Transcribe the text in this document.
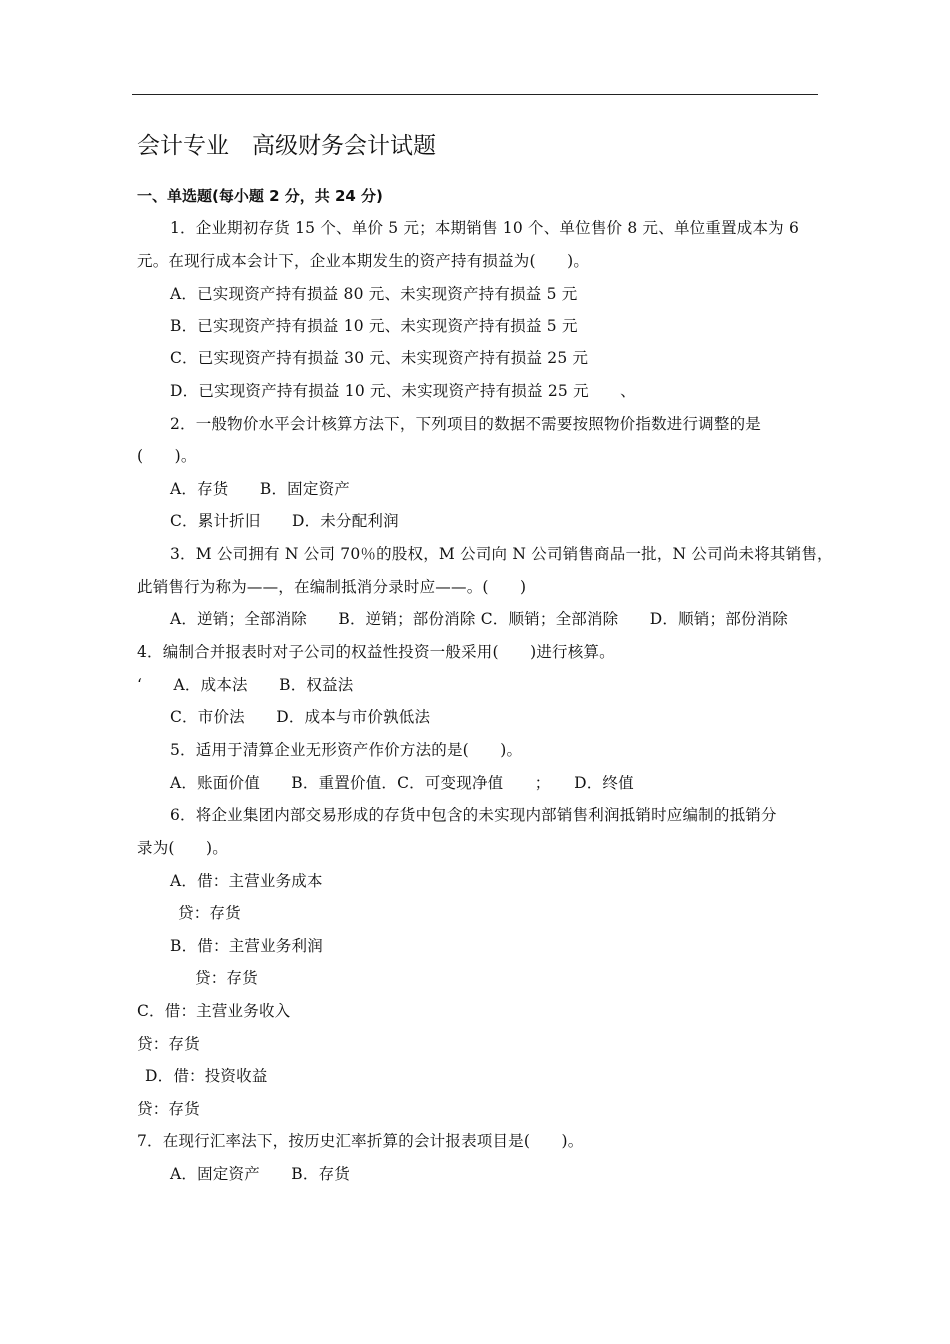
会计专业　高级财务会计试题
一、单选题(每小题 2 分，共 24 分)
1．企业期初存货 15 个、单价 5 元；本期销售 10 个、单位售价 8 元、单位重置成本为 6
元。在现行成本会计下，企业本期发生的资产持有损益为(　　)。
A．已实现资产持有损益 80 元、未实现资产持有损益 5 元
B．已实现资产持有损益 10 元、未实现资产持有损益 5 元
C．已实现资产持有损益 30 元、未实现资产持有损益 25 元
D．已实现资产持有损益 10 元、未实现资产持有损益 25 元　　、
2．一般物价水平会计核算方法下，下列项目的数据不需要按照物价指数进行调整的是
(　　)。
A．存货　　B．固定资产
C．累计折旧　　D．未分配利润
3．M 公司拥有 N 公司 70％的股权，M 公司向 N 公司销售商品一批，N 公司尚未将其销售，
此销售行为称为——，在编制抵消分录时应——。(　　)
A．逆销；全部消除　　B．逆销；部份消除 C．顺销；全部消除　　D．顺销；部份消除
4．编制合并报表时对子公司的权益性投资一般采用(　　)进行核算。
‘　　A．成本法　　B．权益法
C．市价法　　D．成本与市价孰低法
5．适用于清算企业无形资产作价方法的是(　　)。
A．账面价值　　B．重置价值．C．可变现净值　　；　　D．终值
6．将企业集团内部交易形成的存货中包含的未实现内部销售利润抵销时应编制的抵销分
录为(　　)。
A．借：主营业务成本
贷：存货
B．借：主营业务利润
贷：存货
C．借：主营业务收入
贷：存货
D．借：投资收益
贷：存货
7．在现行汇率法下，按历史汇率折算的会计报表项目是(　　)。
A．固定资产　　B．存货
